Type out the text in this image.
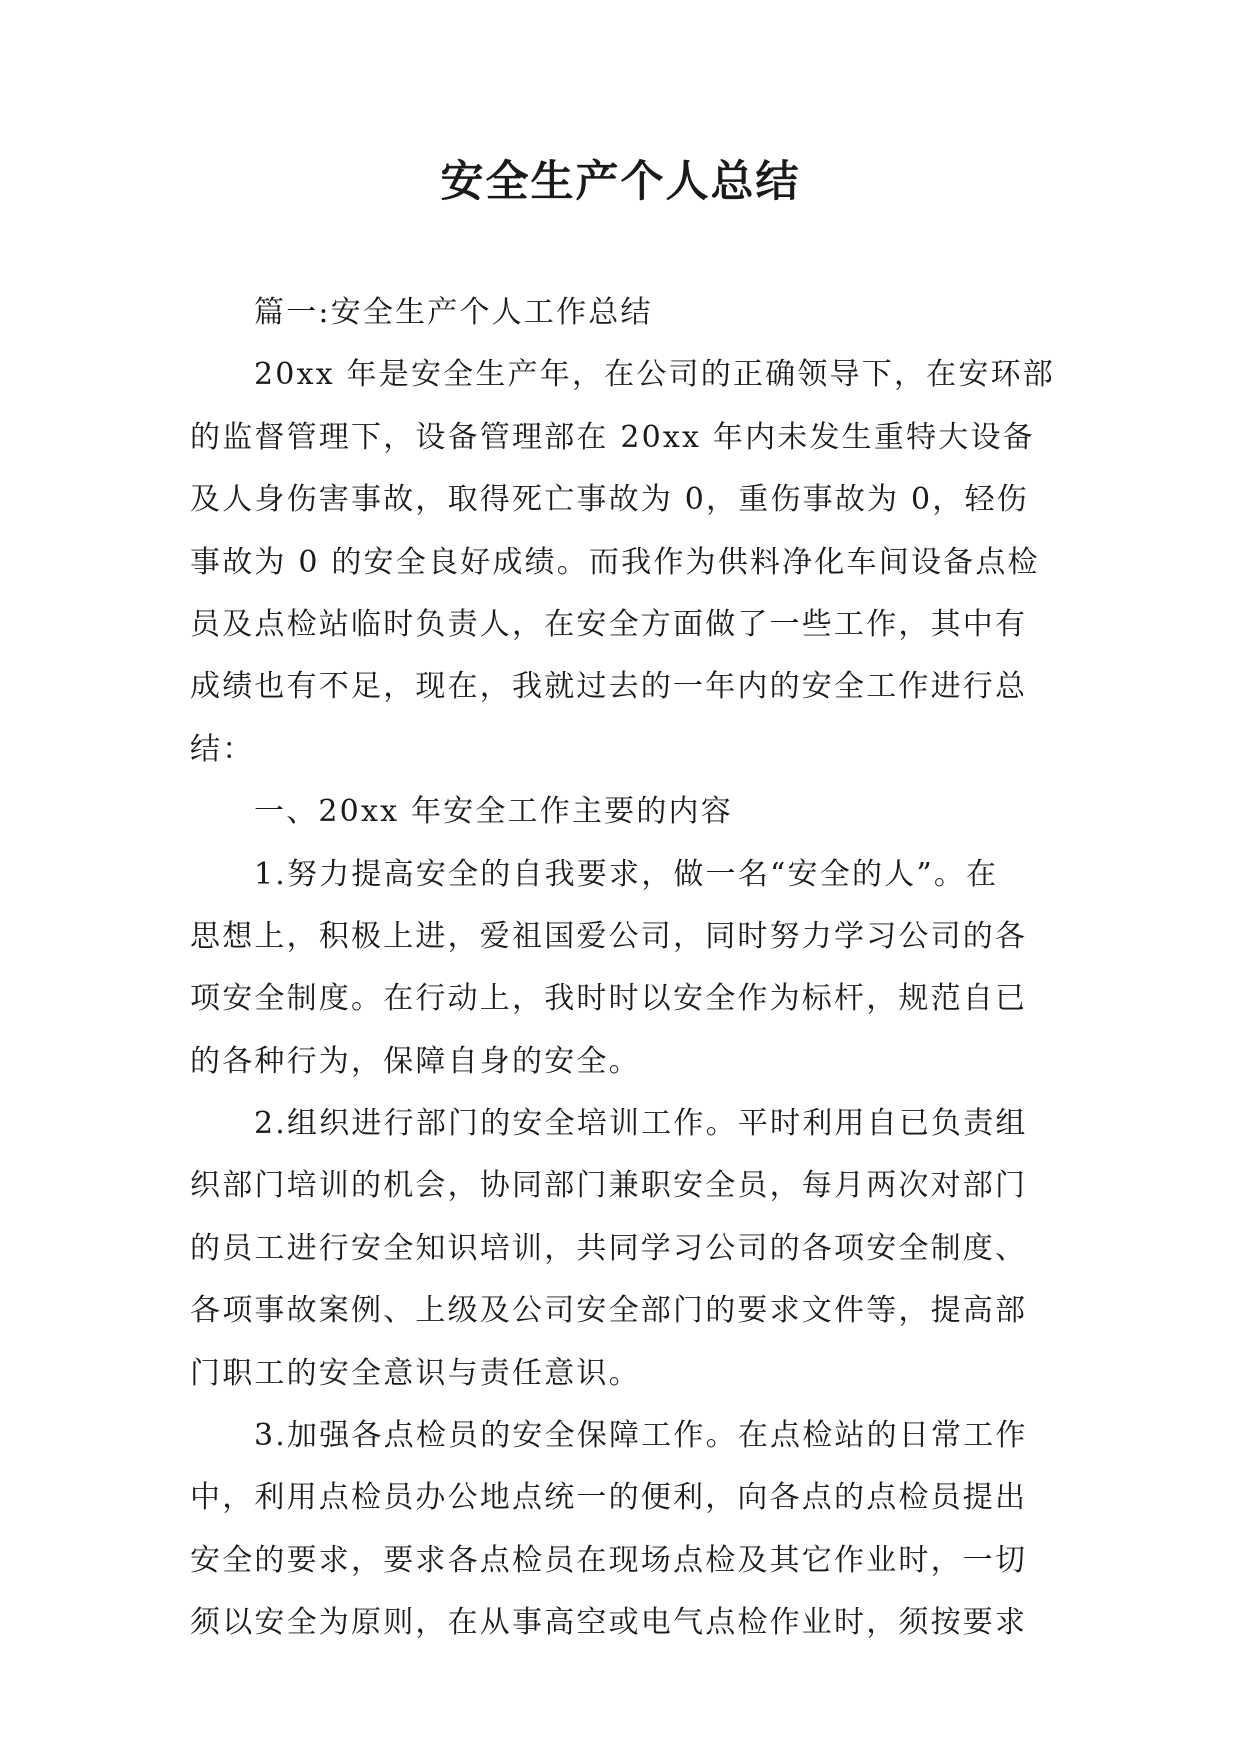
安全生产个人总结

篇一:安全生产个人工作总结

20xx 年是安全生产年，在公司的正确领导下，在安环部

的监督管理下，设备管理部在 20xx 年内未发生重特大设备

及人身伤害事故，取得死亡事故为 0，重伤事故为 0，轻伤

事故为 0 的安全良好成绩。而我作为供料净化车间设备点检

员及点检站临时负责人，在安全方面做了一些工作，其中有

成绩也有不足，现在，我就过去的一年内的安全工作进行总

结：

一、20xx 年安全工作主要的内容

1.努力提高安全的自我要求，做一名“安全的人”。在

思想上，积极上进，爱祖国爱公司，同时努力学习公司的各

项安全制度。在行动上，我时时以安全作为标杆，规范自已

的各种行为，保障自身的安全。

2.组织进行部门的安全培训工作。平时利用自已负责组

织部门培训的机会，协同部门兼职安全员，每月两次对部门

的员工进行安全知识培训，共同学习公司的各项安全制度、

各项事故案例、上级及公司安全部门的要求文件等，提高部

门职工的安全意识与责任意识。

3.加强各点检员的安全保障工作。在点检站的日常工作

中，利用点检员办公地点统一的便利，向各点的点检员提出

安全的要求，要求各点检员在现场点检及其它作业时，一切

须以安全为原则，在从事高空或电气点检作业时，须按要求
